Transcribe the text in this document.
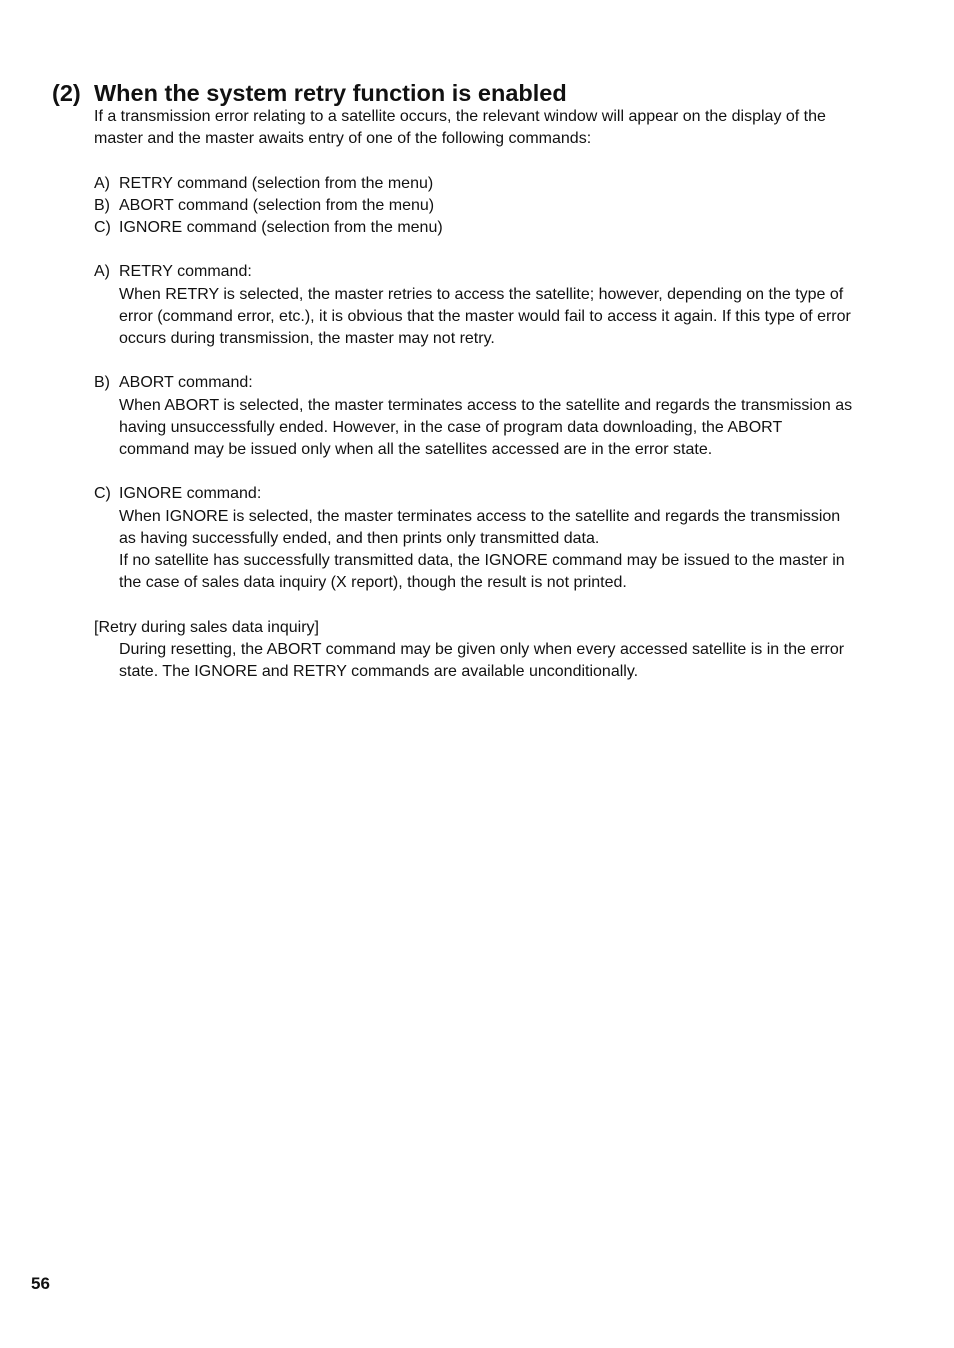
(2) When the system retry function is enabled

If a transmission error relating to a satellite occurs, the relevant window will appear on the display of the master and the master awaits entry of one of the following commands:

A) RETRY command (selection from the menu)
B) ABORT command (selection from the menu)
C) IGNORE command (selection from the menu)
A) RETRY command:

When RETRY is selected, the master retries to access the satellite; however, depending on the type of error (command error, etc.), it is obvious that the master would fail to access it again. If this type of error occurs during transmission, the master may not retry.

B) ABORT command:

When ABORT is selected, the master terminates access to the satellite and regards the transmission as having unsuccessfully ended. However, in the case of program data downloading, the ABORT command may be issued only when all the satellites accessed are in the error state.

C) IGNORE command:

When IGNORE is selected, the master terminates access to the satellite and regards the transmission as having successfully ended, and then prints only transmitted data.

If no satellite has successfully transmitted data, the IGNORE command may be issued to the master in the case of sales data inquiry (X report), though the result is not printed.

[Retry during sales data inquiry]

During resetting, the ABORT command may be given only when every accessed satellite is in the error state. The IGNORE and RETRY commands are available unconditionally.

56
